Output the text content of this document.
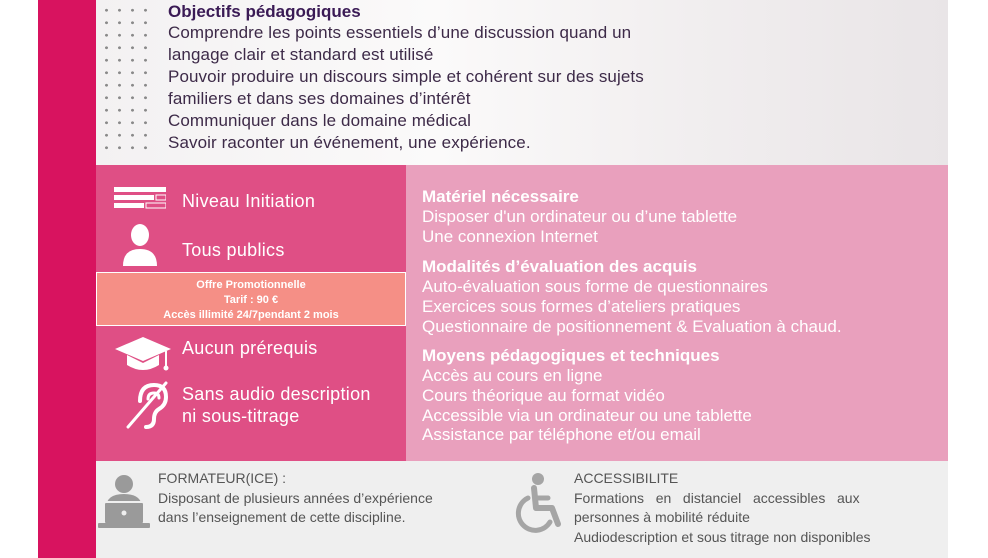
Objectifs pédagogiques

Comprendre les points essentiels d’une discussion quand un

langage clair et standard est utilisé

Pouvoir produire un discours simple et cohérent sur des sujets

familiers et dans ses domaines d’intérêt

Communiquer dans le domaine médical

Savoir raconter un événement, une expérience.

Niveau Initiation
Tous publics
Aucun prérequis
Sans audio description
ni sous-titrage
Offre Promotionnelle
Tarif : 90 €
Accès illimité 24/7pendant 2 mois
Matériel nécessaire

Disposer d'un ordinateur ou d’une tablette

Une connexion Internet

Modalités d’évaluation des acquis

Auto-évaluation sous forme de questionnaires

Exercices sous formes d’ateliers pratiques

Questionnaire de positionnement & Evaluation à chaud.

Moyens pédagogiques et techniques

Accès au cours en ligne

Cours théorique au format vidéo

Accessible via un ordinateur ou une tablette

Assistance par téléphone et/ou email

FORMATEUR(ICE) :

Disposant de plusieurs années d’expérience

dans l’enseignement de cette discipline.

ACCESSIBILITE

Formations   en   distanciel   accessibles   aux

personnes à mobilité réduite

Audiodescription et sous titrage non disponibles
